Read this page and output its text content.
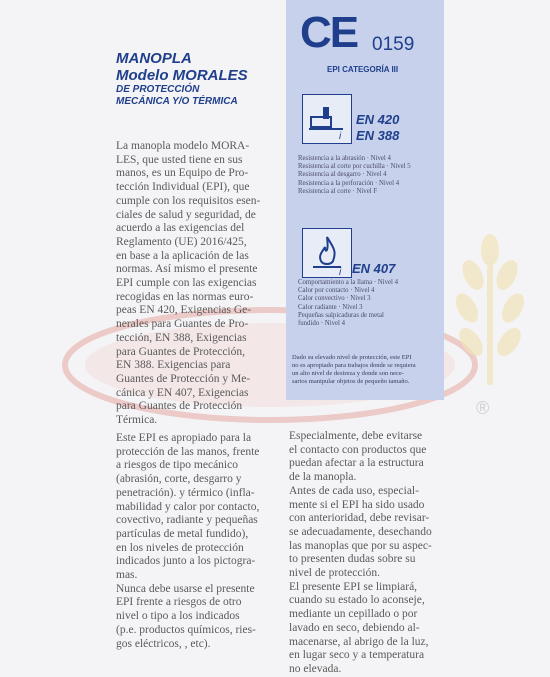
MANOPLA
Modelo MORALES
DE PROTECCIÓN
MECÁNICA Y/O TÉRMICA
La manopla modelo MORA-
LES, que usted tiene en sus
manos, es un Equipo de Pro-
tección Individual (EPI), que
cumple con los requisitos esen-
ciales de salud y seguridad, de
acuerdo a las exigencias del
Reglamento (UE) 2016/425,
en base a la aplicación de las
normas. Así mismo el presente
EPI cumple con las exigencias
recogidas en las normas euro-
peas EN 420, Exigencias Ge-
nerales para Guantes de Pro-
tección, EN 388, Exigencias
para Guantes de Protección,
EN 388. Exigencias para
Guantes de Protección y Me-
cánica y EN 407, Exigencias
para Guantes de Protección
Térmica.
Este EPI es apropiado para la
protección de las manos, frente
a riesgos de tipo mecánico
(abrasión, corte, desgarro y
penetración). y térmico (infla-
mabilidad y calor por contacto,
covectivo, radiante y pequeñas
partículas de metal fundido),
en los niveles de protección
indicados junto a los pictogra-
mas.
Nunca debe usarse el presente
EPI frente a riesgos de otro
nivel o tipo a los indicados
(p.e. productos químicos, ries-
gos eléctricos, , etc).
CE 0159
EPI CATEGORÍA III
i
EN 420
EN 388
Resistencia a la abrasión · Nivel 4
Resistencia al corte por cuchilla · Nivel 5
Resistencia al desgarro · Nivel 4
Resistencia a la perforación · Nivel 4
Resistencia al corte · Nivel F
i EN 407
Comportamiento a la llama · Nivel 4
Calor por contacto · Nivel 4
Calor convectivo · Nivel 3
Calor radiante · Nivel 3
Pequeñas salpicaduras de metal
fundido · Nivel 4
Dado su elevado nivel de protección, este EPI
no es apropiado para trabajos donde se requiera
un alto nivel de destreza y donde son nece-
sarios manipular objetos de pequeño tamaño.
Especialmente, debe evitarse
el contacto con productos que
puedan afectar a la estructura
de la manopla.
Antes de cada uso, especial-
mente si el EPI ha sido usado
con anterioridad, debe revisar-
se adecuadamente, desechando
las manoplas que por su aspec-
to presenten dudas sobre su
nivel de protección.
El presente EPI se limpiará,
cuando su estado lo aconseje,
mediante un cepillado o por
lavado en seco, debiendo al-
macenarse, al abrigo de la luz,
en lugar seco y a temperatura
no elevada.
®
